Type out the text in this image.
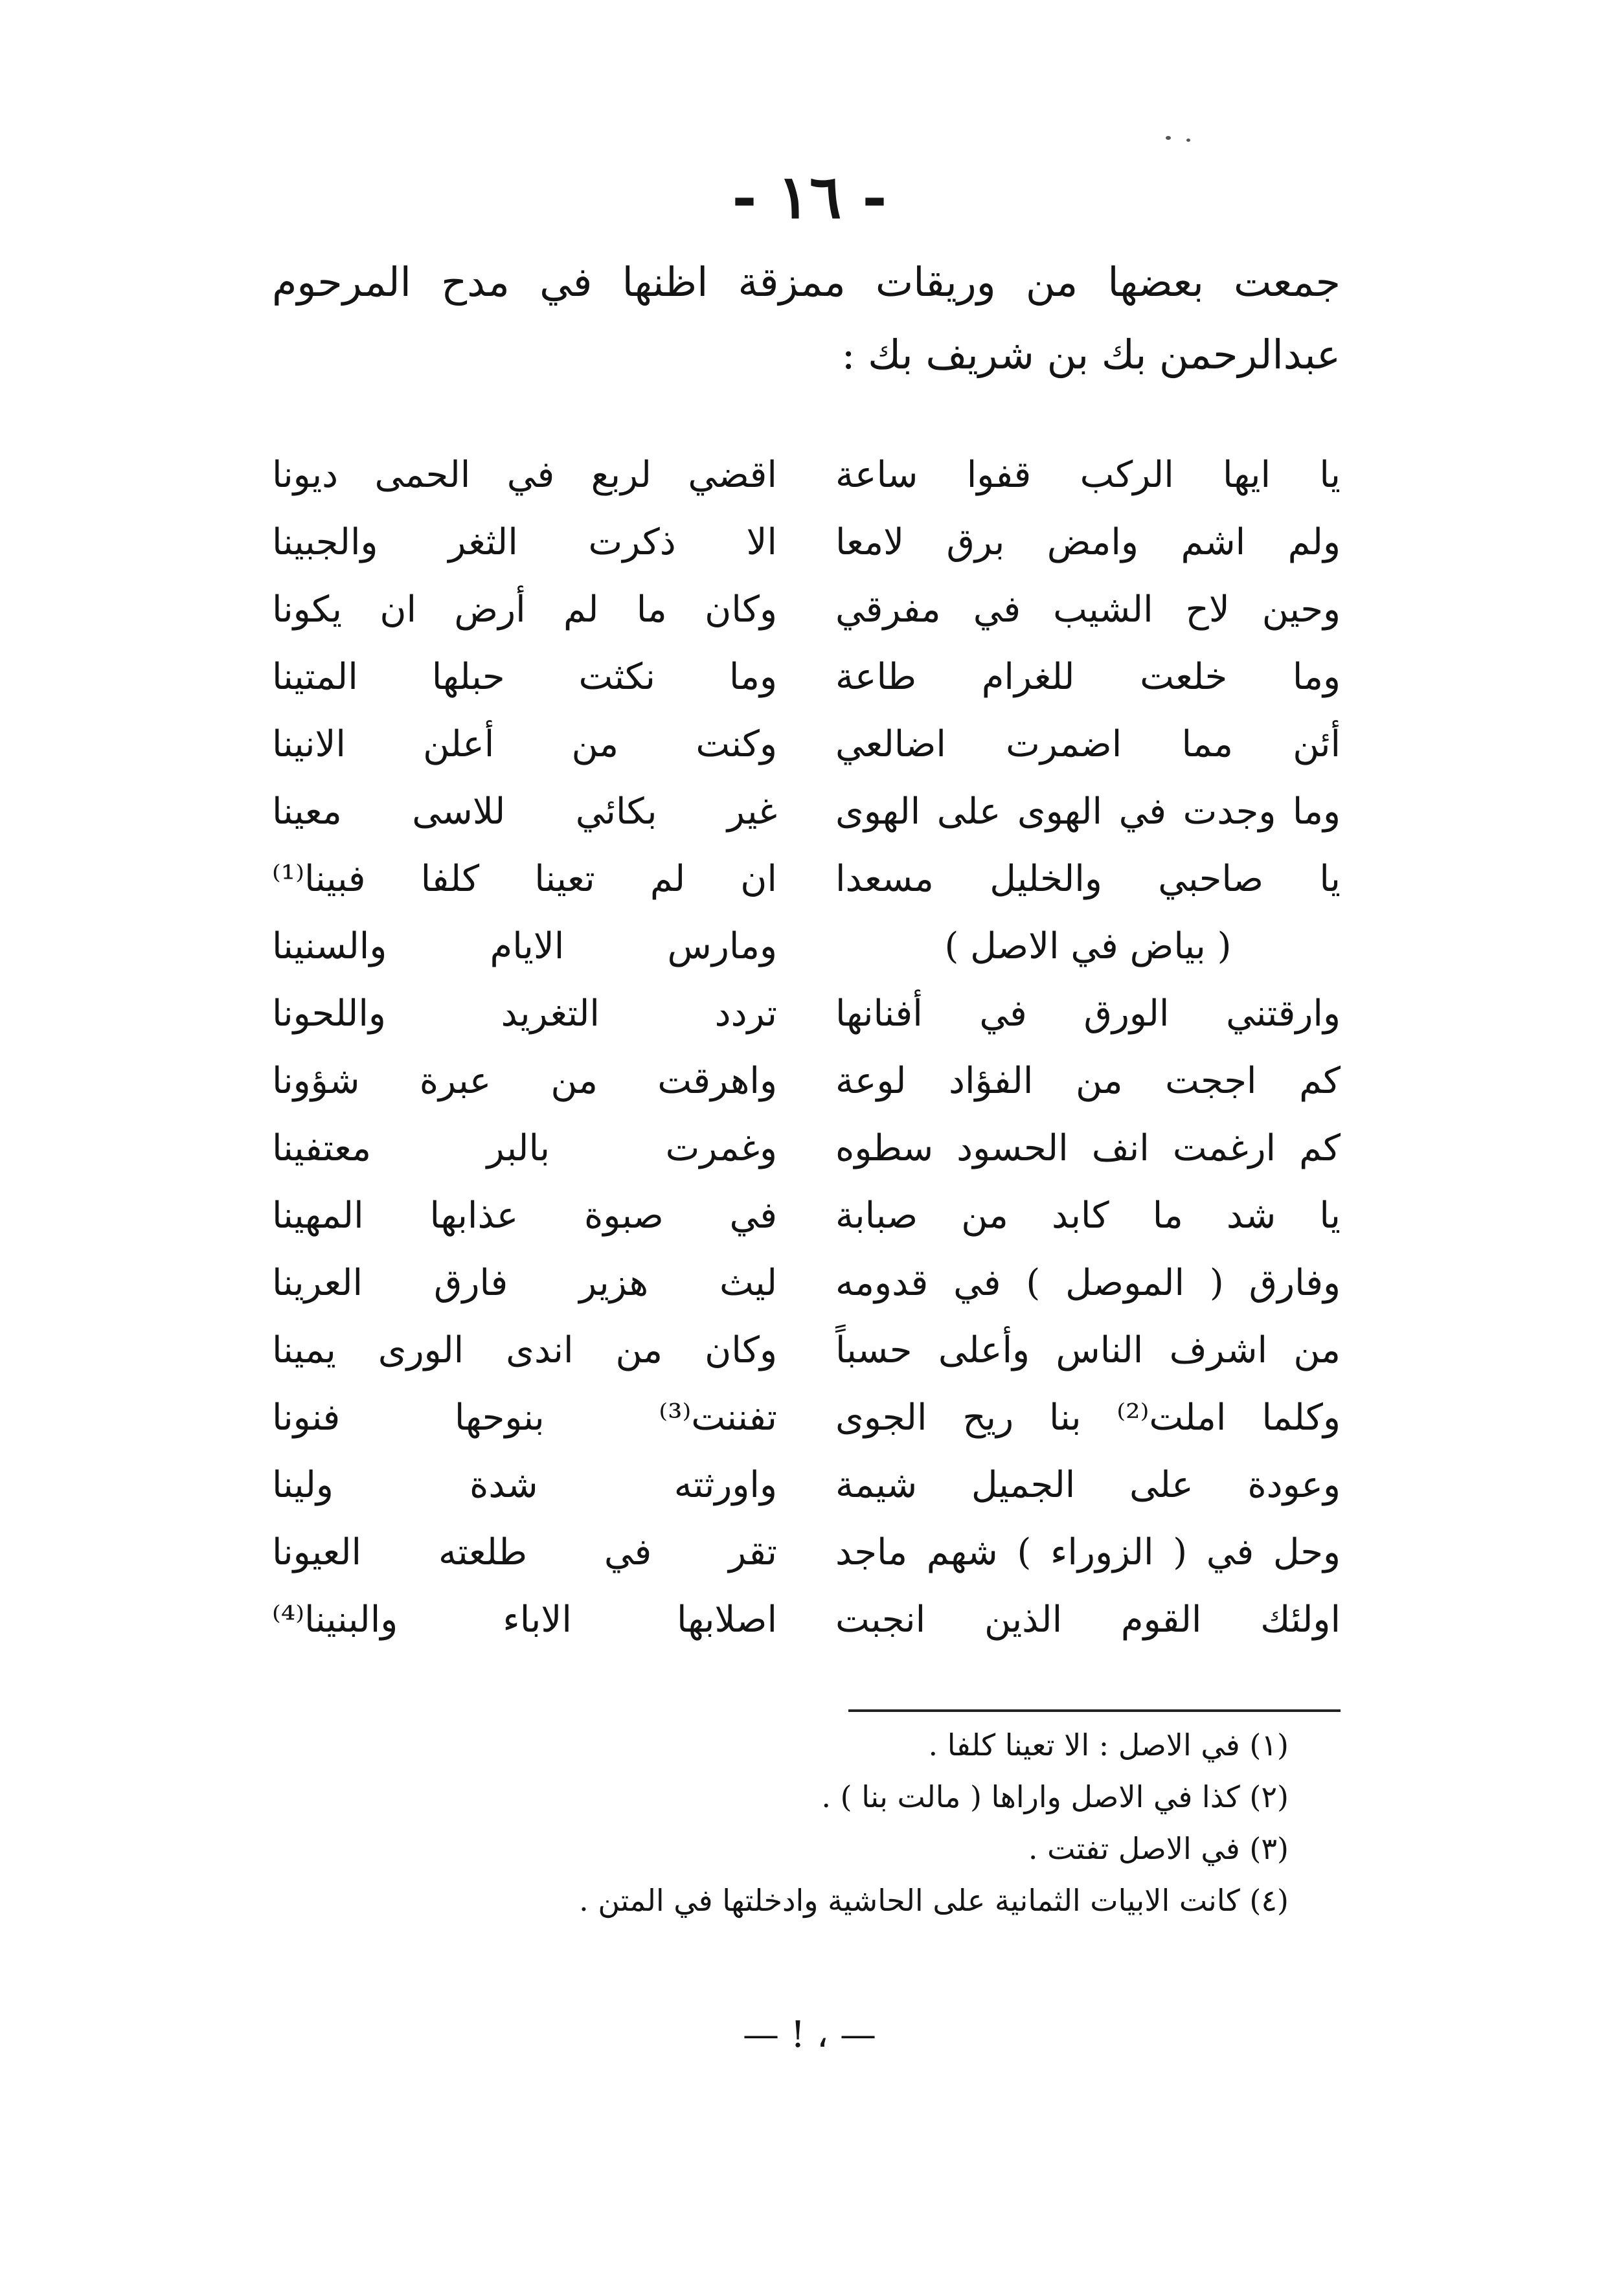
- ١٦ -
جمعت بعضها من وريقات ممزقة اظنها في مدح المرحوم
عبدالرحمن بك بن شريف بك :
يا ايها الركب قفوا ساعة
اقضي لربع في الحمى ديونا
ولم اشم وامض برق لامعا
الا ذكرت الثغر والجبينا
وحين لاح الشيب في مفرقي
وكان ما لم أرض ان يكونا
وما خلعت للغرام طاعة
وما نكثت حبلها المتينا
أئن مما اضمرت اضالعي
وكنت من أعلن الانينا
وما وجدت في الهوى على الهوى
غير بكائي للاسى معينا
يا صاحبي والخليل مسعدا
ان لم تعينا كلفا فبينا⁽¹⁾
( بياض في الاصل )
ومارس الايام والسنينا
وارقتني الورق في أفنانها
تردد التغريد واللحونا
كم اججت من الفؤاد لوعة
واهرقت من عبرة شؤونا
كم ارغمت انف الحسود سطوه
وغمرت بالبر معتفينا
يا شد ما كابد من صبابة
في صبوة عذابها المهينا
وفارق ( الموصل ) في قدومه
ليث هزير فارق العرينا
من اشرف الناس وأعلى حسباً
وكان من اندى الورى يمينا
وكلما املت⁽²⁾ بنا ريح الجوى
تفننت⁽³⁾ بنوحها فنونا
وعودة على الجميل شيمة
واورثته شدة ولينا
وحل في ( الزوراء ) شهم ماجد
تقر في طلعته العيونا
اولئك القوم الذين انجبت
اصلابها الاباء والبنينا⁽⁴⁾
(١) في الاصل : الا تعينا كلفا .
(٢) كذا في الاصل واراها ( مالت بنا ) .
(٣) في الاصل تفتت .
(٤) كانت الابيات الثمانية على الحاشية وادخلتها في المتن .
— ، ! —
